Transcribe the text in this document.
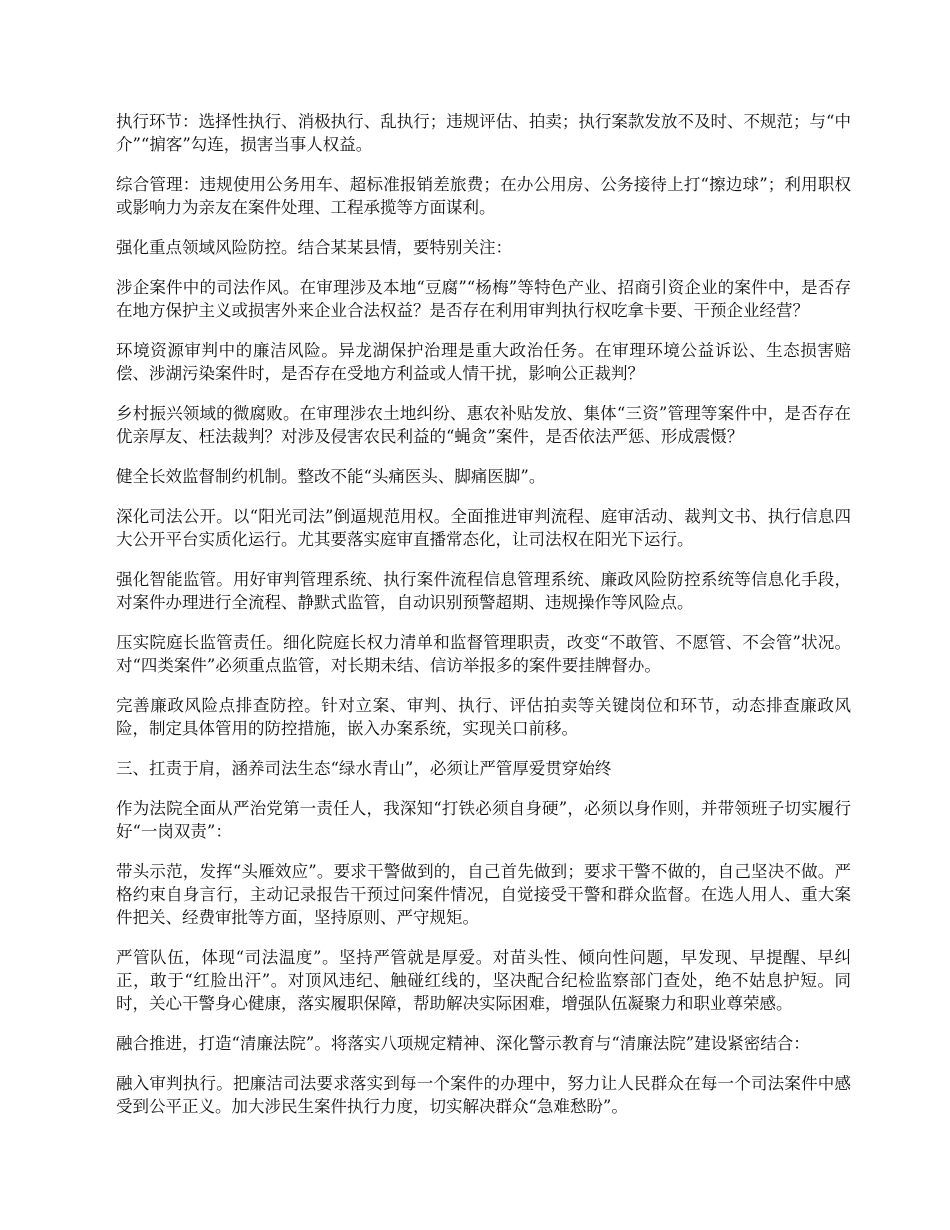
执行环节：选择性执行、消极执行、乱执行；违规评估、拍卖；执行案款发放不及时、不规范；与“中介”“掮客”勾连，损害当事人权益。

综合管理：违规使用公务用车、超标准报销差旅费；在办公用房、公务接待上打“擦边球”；利用职权或影响力为亲友在案件处理、工程承揽等方面谋利。

强化重点领域风险防控。结合某某县情，要特别关注：

涉企案件中的司法作风。在审理涉及本地“豆腐”“杨梅”等特色产业、招商引资企业的案件中，是否存在地方保护主义或损害外来企业合法权益？是否存在利用审判执行权吃拿卡要、干预企业经营？

环境资源审判中的廉洁风险。异龙湖保护治理是重大政治任务。在审理环境公益诉讼、生态损害赔偿、涉湖污染案件时，是否存在受地方利益或人情干扰，影响公正裁判？

乡村振兴领域的微腐败。在审理涉农土地纠纷、惠农补贴发放、集体“三资”管理等案件中，是否存在优亲厚友、枉法裁判？对涉及侵害农民利益的“蝇贪”案件，是否依法严惩、形成震慑？

健全长效监督制约机制。整改不能“头痛医头、脚痛医脚”。

深化司法公开。以“阳光司法”倒逼规范用权。全面推进审判流程、庭审活动、裁判文书、执行信息四大公开平台实质化运行。尤其要落实庭审直播常态化，让司法权在阳光下运行。

强化智能监管。用好审判管理系统、执行案件流程信息管理系统、廉政风险防控系统等信息化手段，对案件办理进行全流程、静默式监管，自动识别预警超期、违规操作等风险点。

压实院庭长监管责任。细化院庭长权力清单和监督管理职责，改变“不敢管、不愿管、不会管”状况。对“四类案件”必须重点监管，对长期未结、信访举报多的案件要挂牌督办。

完善廉政风险点排查防控。针对立案、审判、执行、评估拍卖等关键岗位和环节，动态排查廉政风险，制定具体管用的防控措施，嵌入办案系统，实现关口前移。

三、扛责于肩，涵养司法生态“绿水青山”，必须让严管厚爱贯穿始终

作为法院全面从严治党第一责任人，我深知“打铁必须自身硬”，必须以身作则，并带领班子切实履行好“一岗双责”：

带头示范，发挥“头雁效应”。要求干警做到的，自己首先做到；要求干警不做的，自己坚决不做。严格约束自身言行，主动记录报告干预过问案件情况，自觉接受干警和群众监督。在选人用人、重大案件把关、经费审批等方面，坚持原则、严守规矩。

严管队伍，体现“司法温度”。坚持严管就是厚爱。对苗头性、倾向性问题，早发现、早提醒、早纠正，敢于“红脸出汗”。对顶风违纪、触碰红线的，坚决配合纪检监察部门查处，绝不姑息护短。同时，关心干警身心健康，落实履职保障，帮助解决实际困难，增强队伍凝聚力和职业尊荣感。

融合推进，打造“清廉法院”。将落实八项规定精神、深化警示教育与“清廉法院”建设紧密结合：

融入审判执行。把廉洁司法要求落实到每一个案件的办理中，努力让人民群众在每一个司法案件中感受到公平正义。加大涉民生案件执行力度，切实解决群众“急难愁盼”。
